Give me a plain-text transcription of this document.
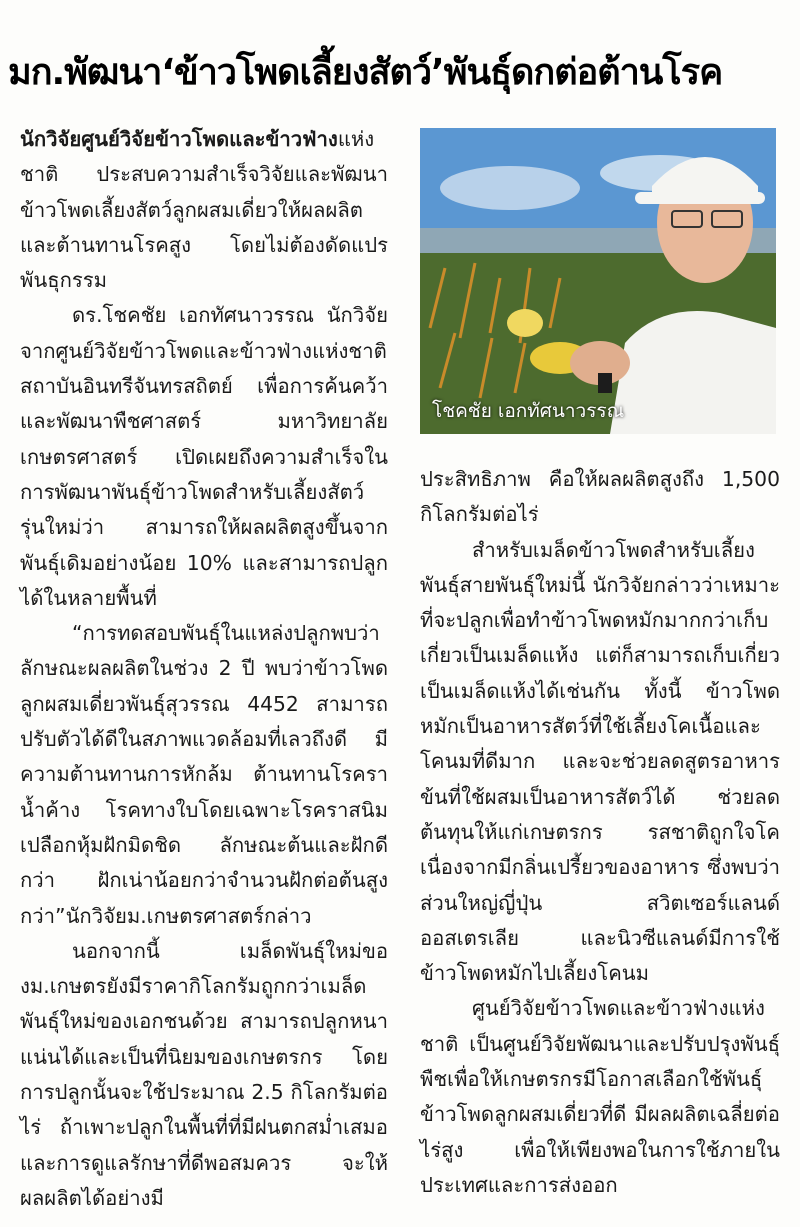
มก.พัฒนา‘ข้าวโพดเลี้ยงสัตว์’พันธุ์ดกต่อต้านโรค

นักวิจัยศูนย์วิจัยข้าวโพดและข้าวฟ่างแห่งชาติ ประสบความสำเร็จวิจัยและพัฒนาข้าวโพดเลี้ยงสัตว์ลูกผสมเดี่ยวให้ผลผลิต และต้านทานโรคสูง โดยไม่ต้องดัดแปรพันธุกรรม

ดร.โชคชัย เอกทัศนาวรรณ นักวิจัยจากศูนย์วิจัยข้าวโพดและข้าวฟ่างแห่งชาติ สถาบันอินทรีจันทรสถิตย์ เพื่อการค้นคว้าและพัฒนาพืชศาสตร์ มหาวิทยาลัยเกษตรศาสตร์ เปิดเผยถึงความสำเร็จในการพัฒนาพันธุ์ข้าวโพดสำหรับเลี้ยงสัตว์รุ่นใหม่ว่า สามารถให้ผลผลิตสูงขึ้นจากพันธุ์เดิมอย่างน้อย 10% และสามารถปลูกได้ในหลายพื้นที่

“การทดสอบพันธุ์ในแหล่งปลูกพบว่าลักษณะผลผลิตในช่วง 2 ปี พบว่าข้าวโพดลูกผสมเดี่ยวพันธุ์สุวรรณ 4452 สามารถปรับตัวได้ดีในสภาพแวดล้อมที่เลวถึงดี มีความต้านทานการหักล้ม ต้านทานโรคราน้ำค้าง โรคทางใบโดยเฉพาะโรคราสนิม เปลือกหุ้มฝักมิดชิด ลักษณะต้นและฝักดีกว่า ฝักเน่าน้อยกว่าจำนวนฝักต่อต้นสูงกว่า”นักวิจัยม.เกษตรศาสตร์กล่าว

นอกจากนี้ เมล็ดพันธุ์ใหม่ของม.เกษตรยังมีราคากิโลกรัมถูกกว่าเมล็ดพันธุ์ใหม่ของเอกชนด้วย สามารถปลูกหนาแน่นได้และเป็นที่นิยมของเกษตรกร โดยการปลูกนั้นจะใช้ประมาณ 2.5 กิโลกรัมต่อไร่ ถ้าเพาะปลูกในพื้นที่ที่มีฝนตกสม่ำเสมอและการดูแลรักษาที่ดีพอสมควร จะให้ผลผลิตได้อย่างมี

โชคชัย เอกทัศนาวรรณ

ประสิทธิภาพ คือให้ผลผลิตสูงถึง 1,500 กิโลกรัมต่อไร่

สำหรับเมล็ดข้าวโพดสำหรับเลี้ยงพันธุ์สายพันธุ์ใหม่นี้ นักวิจัยกล่าวว่าเหมาะที่จะปลูกเพื่อทำข้าวโพดหมักมากกว่าเก็บเกี่ยวเป็นเมล็ดแห้ง แต่ก็สามารถเก็บเกี่ยวเป็นเมล็ดแห้งได้เช่นกัน ทั้งนี้ ข้าวโพดหมักเป็นอาหารสัตว์ที่ใช้เลี้ยงโคเนื้อและโคนมที่ดีมาก และจะช่วยลดสูตรอาหารข้นที่ใช้ผสมเป็นอาหารสัตว์ได้ ช่วยลดต้นทุนให้แก่เกษตรกร รสชาติถูกใจโคเนื่องจากมีกลิ่นเปรี้ยวของอาหาร ซึ่งพบว่าส่วนใหญ่ญี่ปุ่น สวิตเซอร์แลนด์ ออสเตรเลีย และนิวซีแลนด์มีการใช้ข้าวโพดหมักไปเลี้ยงโคนม

ศูนย์วิจัยข้าวโพดและข้าวฟ่างแห่งชาติ เป็นศูนย์วิจัยพัฒนาและปรับปรุงพันธุ์พืชเพื่อให้เกษตรกรมีโอกาสเลือกใช้พันธุ์ข้าวโพดลูกผสมเดี่ยวที่ดี มีผลผลิตเฉลี่ยต่อไร่สูง เพื่อให้เพียงพอในการใช้ภายในประเทศและการส่งออก
